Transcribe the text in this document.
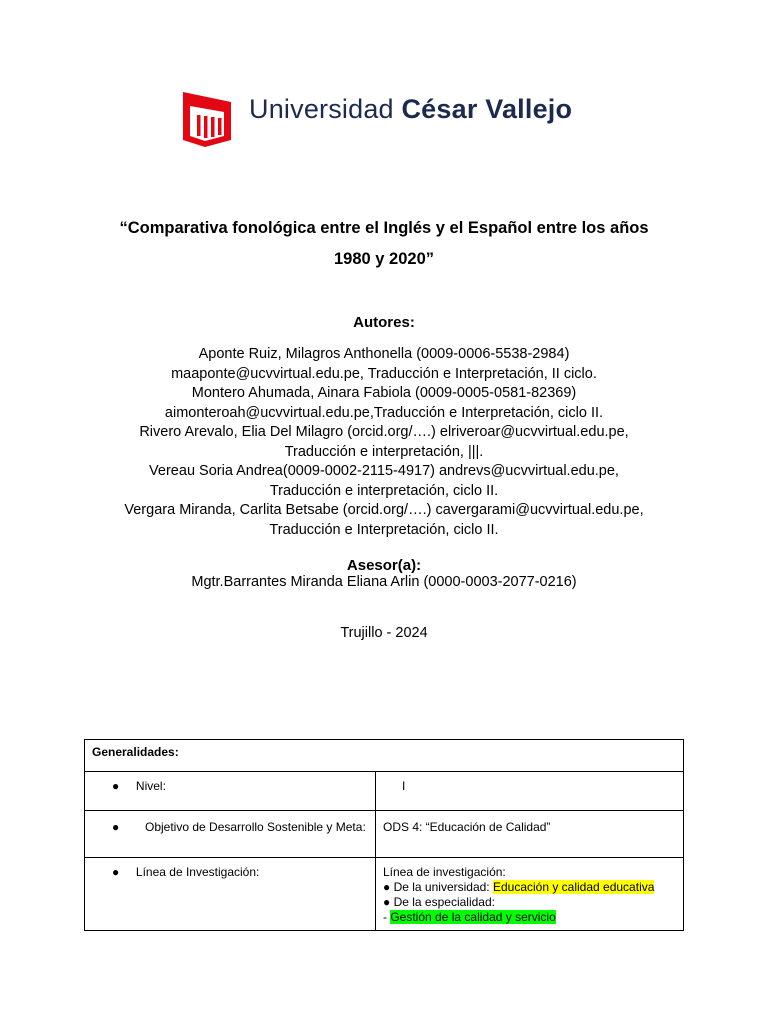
Universidad César Vallejo
“Comparativa fonológica entre el Inglés y el Español entre los años
1980 y 2020”
Autores:
Aponte Ruiz, Milagros Anthonella (0009-0006-5538-2984)
maaponte@ucvvirtual.edu.pe, Traducción e Interpretación, II ciclo.
Montero Ahumada, Ainara Fabiola (0009-0005-0581-82369)
aimonteroah@ucvvirtual.edu.pe,Traducción e Interpretación, ciclo II.
Rivero Arevalo, Elia Del Milagro (orcid.org/….) elriveroar@ucvvirtual.edu.pe,
Traducción e interpretación, |||.
Vereau Soria Andrea(0009-0002-2115-4917) andrevs@ucvvirtual.edu.pe,
Traducción e interpretación, ciclo II.
Vergara Miranda, Carlita Betsabe (orcid.org/….) cavergarami@ucvvirtual.edu.pe,
Traducción e Interpretación, ciclo II.
Asesor(a):
Mgtr.Barrantes Miranda Eliana Arlin (0000-0003-2077-0216)
Trujillo - 2024
Generalidades:	

● Nivel:	I

● Objetivo de Desarrollo Sostenible y Meta:	ODS 4: “Educación de Calidad”

● Línea de Investigación:	Línea de investigación:
● De la universidad: Educación y calidad educativa
● De la especialidad:
- Gestión de la calidad y servicio
